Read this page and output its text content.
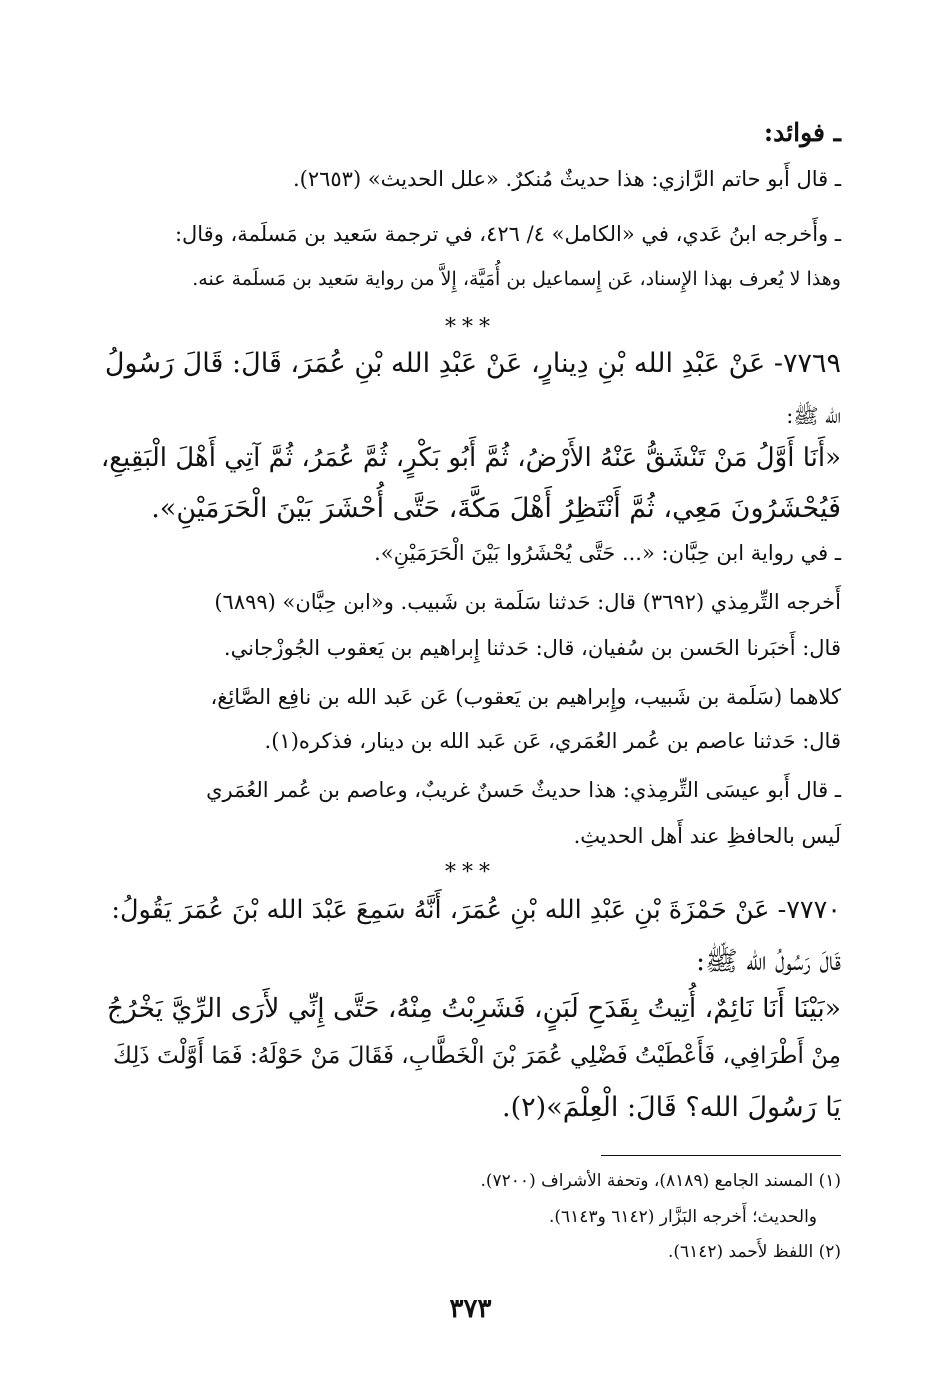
ـ فوائد:
ـ قال أَبو حاتم الرَّازي: هذا حديثٌ مُنكرٌ. «علل الحديث» (٢٦٥٣).
ـ وأَخرجه ابنُ عَدي، في «الكامل» ٤/ ٤٢٦، في ترجمة سَعيد بن مَسلَمة، وقال:
وهذا لا يُعرف بهذا الإِسناد، عَن إِسماعيل بن أُمَيَّة، إِلاَّ من رواية سَعيد بن مَسلَمة عنه.
***
٧٧٦٩- عَنْ عَبْدِ الله بْنِ دِينارٍ، عَنْ عَبْدِ الله بْنِ عُمَرَ، قَالَ: قَالَ رَسُولُ
الله ﷺ:
«أَنَا أَوَّلُ مَنْ تَنْشَقُّ عَنْهُ الأَرْضُ، ثُمَّ أَبُو بَكْرٍ، ثُمَّ عُمَرُ، ثُمَّ آتِي أَهْلَ الْبَقِيعِ،
فَيُحْشَرُونَ مَعِي، ثُمَّ أَنْتَظِرُ أَهْلَ مَكَّةَ، حَتَّى أُحْشَرَ بَيْنَ الْحَرَمَيْنِ».
ـ في رواية ابن حِبَّان: «... حَتَّى يُحْشَرُوا بَيْنَ الْحَرَمَيْنِ».
أَخرجه التِّرمِذي (٣٦٩٢) قال: حَدثنا سَلَمة بن شَبيب. و«ابن حِبَّان» (٦٨٩٩)
قال: أَخبَرنا الحَسن بن سُفيان، قال: حَدثنا إِبراهيم بن يَعقوب الجُوزْجاني.
كلاهما (سَلَمة بن شَبيب، وإِبراهيم بن يَعقوب) عَن عَبد الله بن نافِع الصَّائِغ،
قال: حَدثنا عاصم بن عُمر العُمَري، عَن عَبد الله بن دينار، فذكره(١).
ـ قال أَبو عيسَى التِّرمِذي: هذا حديثٌ حَسنٌ غريبٌ، وعاصم بن عُمر العُمَري
لَيس بالحافظِ عند أَهل الحديثِ.
***
٧٧٧٠- عَنْ حَمْزَةَ بْنِ عَبْدِ الله بْنِ عُمَرَ، أَنَّهُ سَمِعَ عَبْدَ الله بْنَ عُمَرَ يَقُولُ:
قَالَ رَسُولُ الله ﷺ:
«بَيْنَا أَنَا نَائِمٌ، أُتِيتُ بِقَدَحِ لَبَنٍ، فَشَرِبْتُ مِنْهُ، حَتَّى إِنِّي لأَرَى الرِّيَّ يَخْرُجُ
مِنْ أَطْرَافِي، فَأَعْطَيْتُ فَضْلِي عُمَرَ بْنَ الْخَطَّابِ، فَقَالَ مَنْ حَوْلَهُ: فَمَا أَوَّلْتَ ذَلِكَ
يَا رَسُولَ الله؟ قَالَ: الْعِلْمَ»(٢).
(١) المسند الجامع (٨١٨٩)، وتحفة الأشراف (٧٢٠٠).
والحديث؛ أَخرجه البَزَّار (٦١٤٢ و٦١٤٣).
(٢) اللفظ لأَحمد (٦١٤٢).
٣٧٣
